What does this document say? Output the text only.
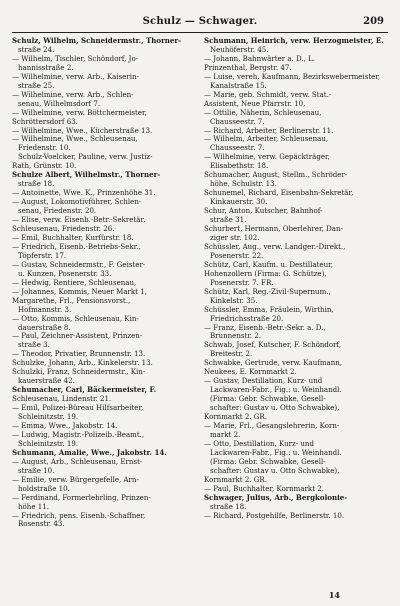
Schulz — Schwager.	209
Schulz, Wilhelm, Schneidermstr., Thorner-
straße 24.
— Wilhelm, Tischler, Schöndorf, Jo-
hannisstraße 2.
— Wilhelmine, verw. Arb., Kaiserin-
straße 25.
— Wilhelmine, verw. Arb., Schlen-
senau, Wilhelmsdorf 7.
— Wilhelmine, verw. Böttchermeister,
Schröttersdorf 63.
— Wilhelmine, Wwe., Kücherstraße 13.
— Wilhelmine, Wwe., Schleusenau,
Friedenstr. 10.
Schulz-Voelcker, Pauline, verw. Justiz-
Rath, Grünstr. 10.
Schulze Albert, Wilhelmstr., Thorner-
straße 18.
— Antoinette, Wwe. K., Prinzenhöhe 31.
— August, Lokomotivführer, Schlen-
senau, Friedenstr. 20.
— Elise, verw. Eisenb.-Betr.-Sekretär,
Schleusenau, Friedenstr. 26.
— Emil, Buchhalter, Kurfürstr. 18.
— Friedrich, Eisenb.-Betriebs-Sekr.,
Töpferstr. 17.
— Gustav, Schneidermstr., F. Geister-
u. Kunzen, Posenerstr. 33.
— Hedwig, Rentiere, Schleusenau,
— Johannes, Kommis, Neuer Markt 1,
Margarethe, Frl., Pensionsvorst.,
Hofmannstr. 3.
— Otto, Kommis, Schleusenau, Kin-
dauerstraße 8.
— Paul, Zeichner-Assistent, Prinzen-
straße 3.
— Theodor, Privatier, Brunnenstr. 13.
Schulzke, Johann, Arb., Kinkelerstr. 13.
Schulzki, Franz, Schneidermstr., Kin-
kauerstraße 42.
Schumacher, Carl, Bäckermeister, F.
Schleusenau, Lindenstr. 21.
— Emil, Polizei-Büreau Hilfsarbeiter,
Schleinitzstr. 19.
— Emma, Wwe., Jakobstr. 14.
— Ludwig, Magistr.-Polizeib.-Beamt.,
Schleinitzstr. 19.
Schumann, Amalie, Wwe., Jakobstr. 14.
— August, Arb., Schleusenau, Ernst-
straße 10.
— Emilie, verw. Bürgergefelle, Arn-
holdstraße 10.
— Ferdinand, Formerlehrling, Prinzen-
höhe 11.
— Friedrich, pens. Eisenb.-Schaffner,
Rosenstr. 43.
Schumann, Heinrich, verw. Herzogmeister, E.
Neuhöferstr. 45.
— Johann, Bahnwärter a. D., L.
Prinzenthal, Bergstr. 47.
— Luise, vereh. Kaufmann, Bezirkswebermeister,
Kanalstraße 15.
— Marie, geb. Schmidt, verw. Stat.-
Assistent, Neue Pfarrstr. 10,
— Ottilie, Näherin, Schleusenau,
Chausseestr. 7.
— Richard, Arbeiter, Berlinerstr. 11.
— Wilhelm, Arbeiter, Schleusenau,
Chausseestr. 7.
— Wilhelmine, verw. Gepäckträger,
Elisabethstr. 18.
Schumacher, August, Stellm., Schröder-
höhe, Schulstr. 13.
Schunemel, Richard, Eisenbahn-Sekretär,
Kinkauerstr. 30.
Schur, Anton, Kutscher, Bahnhof-
straße 31.
Schurbert, Hermann, Oberlehrer, Dan-
ziger str. 102.
Schüssler, Aug., verw. Landger.-Direkt.,
Posenerstr. 22.
Schütz, Carl, Kaufm. u. Destillateur,
Hohenzollern (Firma: G. Schütze),
Posenerstr. 7. FR.
Schütz, Karl, Reg.-Zivil-Supernum.,
Kinkelstr. 35.
Schüssler, Emma, Fräulein, Wirthin,
Friedrichsstraße 20.
— Franz, Eisenb.-Betr.-Sekr. a. D.,
Brunnenstr. 2.
Schwab, Josef, Kutscher, F. Schöndorf,
Breitestr. 2.
Schwabke, Gertrude, verw. Kaufmann,
Neukees, E. Kornmarkt 2.
— Gustav, Destillation, Kurz- und
Lackwaren-Fabr., Fig.: u. Weinhandl.
(Firma: Gebr. Schwabke, Gesell-
schafter: Gustav u. Otto Schwabke),
Kornmarkt 2. GR.
— Marie, Frl., Gesangslehrerin, Korn-
markt 2.
— Otto, Destillation, Kurz- und
Lackwaren-Fabr., Fig.: u. Weinhandl.
(Firma: Gebr. Schwabke, Gesell-
schafter: Gustav u. Otto Schwabke),
Kornmarkt 2. GR.
— Paul, Buchhalter, Kornmarkt 2.
Schwager, Julius, Arb., Bergkolonie-
straße 18.
— Richard, Postgehilfe, Berlinerstr. 10.
14
